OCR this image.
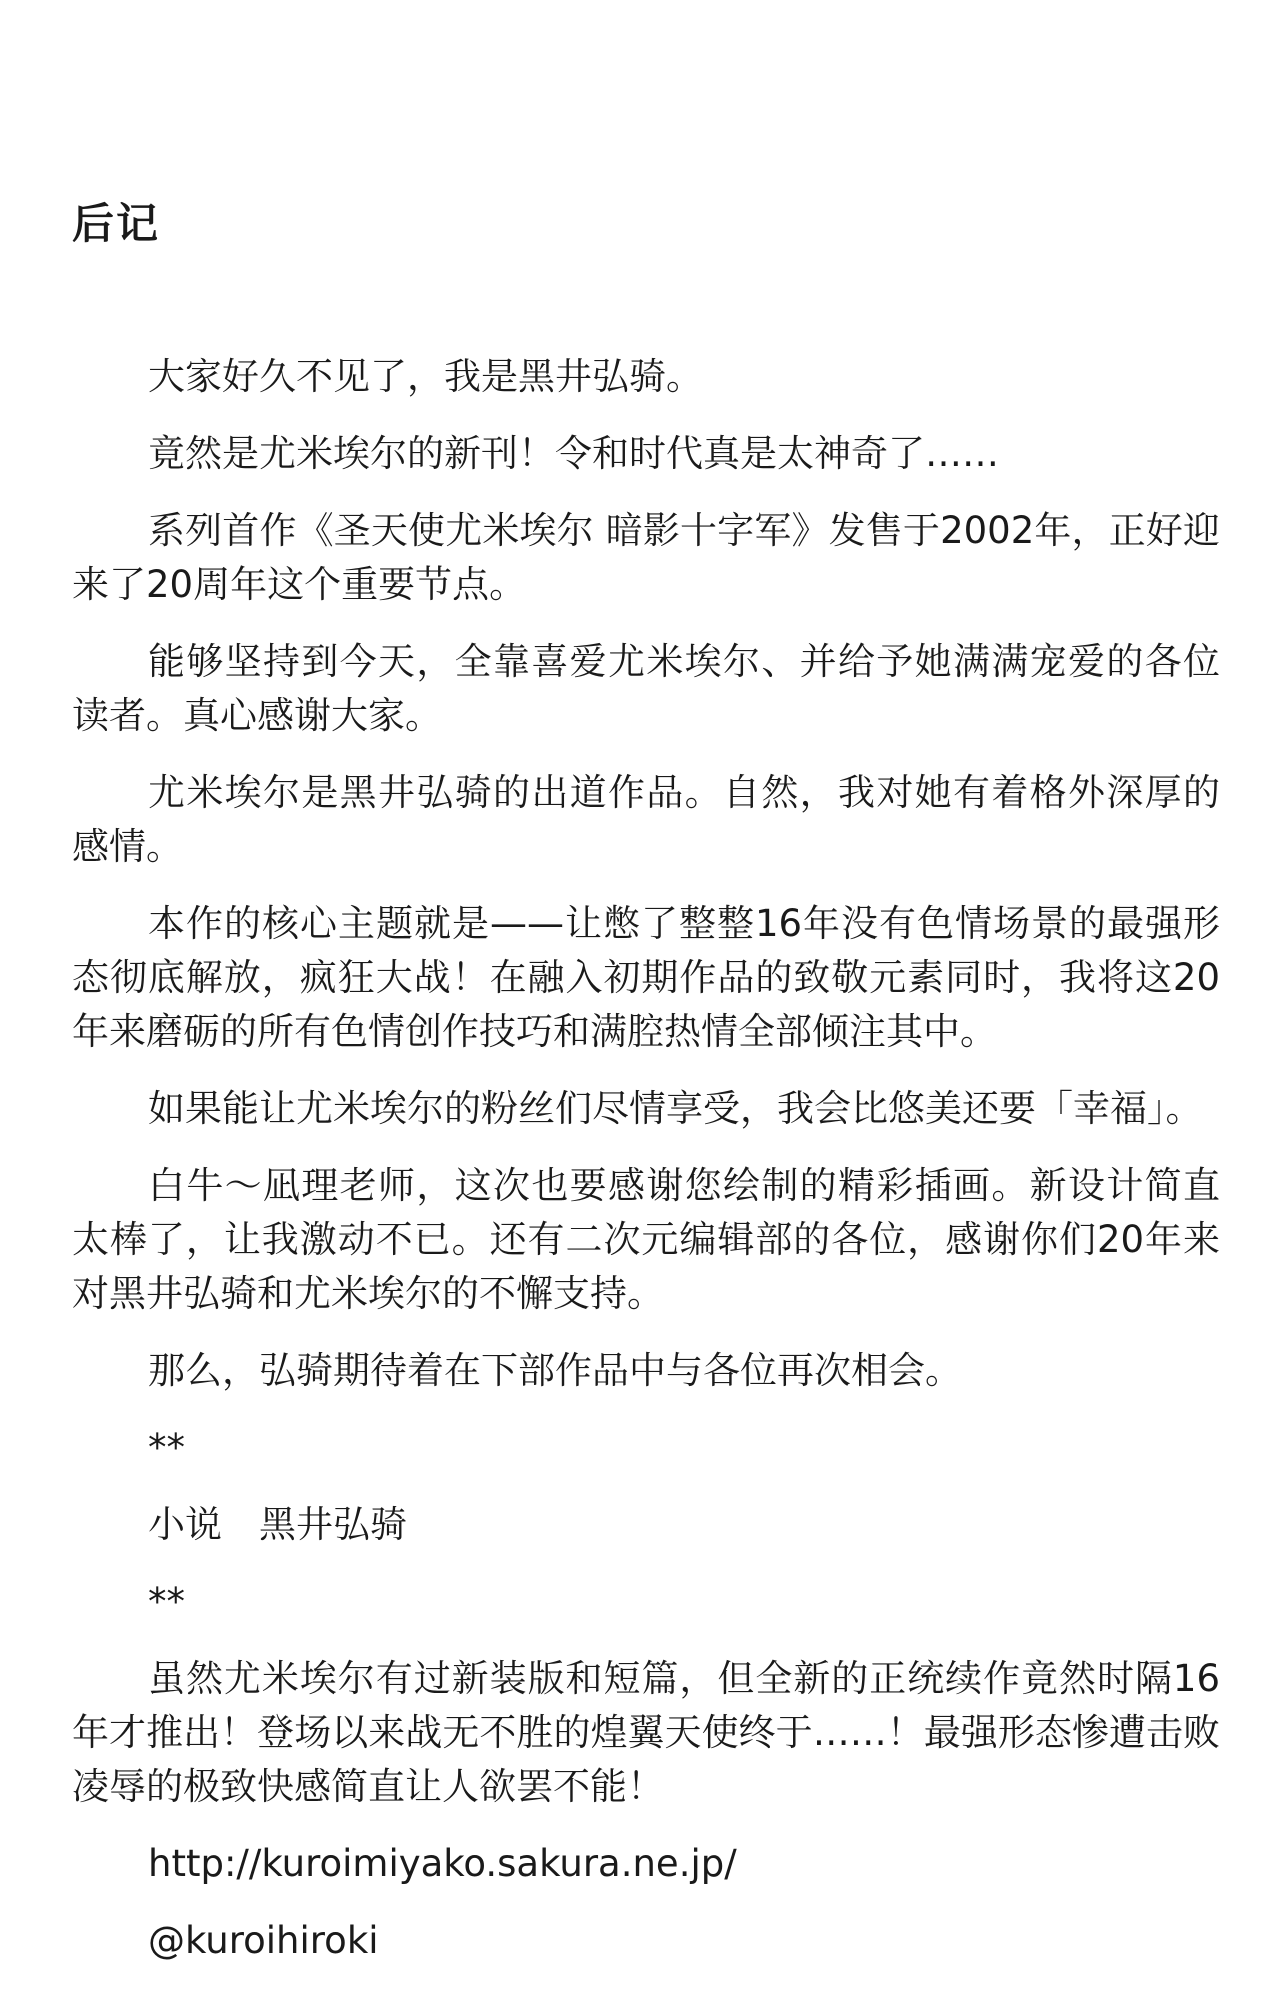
后记

大家好久不见了，我是黑井弘骑。

竟然是尤米埃尔的新刊！令和时代真是太神奇了……

系列首作《圣天使尤米埃尔 暗影十字军》发售于2002年，正好迎来了20周年这个重要节点。

能够坚持到今天，全靠喜爱尤米埃尔、并给予她满满宠爱的各位读者。真心感谢大家。

尤米埃尔是黑井弘骑的出道作品。自然，我对她有着格外深厚的感情。

本作的核心主题就是——让憋了整整16年没有色情场景的最强形态彻底解放，疯狂大战！在融入初期作品的致敬元素同时，我将这20年来磨砺的所有色情创作技巧和满腔热情全部倾注其中。

如果能让尤米埃尔的粉丝们尽情享受，我会比悠美还要「幸福」。

白牛～凪理老师，这次也要感谢您绘制的精彩插画。新设计简直太棒了，让我激动不已。还有二次元编辑部的各位，感谢你们20年来对黑井弘骑和尤米埃尔的不懈支持。

那么，弘骑期待着在下部作品中与各位再次相会。

**

小说　黑井弘骑

**

虽然尤米埃尔有过新装版和短篇，但全新的正统续作竟然时隔16年才推出！登场以来战无不胜的煌翼天使终于……！最强形态惨遭击败凌辱的极致快感简直让人欲罢不能！

http://kuroimiyako.sakura.ne.jp/

@kuroihiroki
